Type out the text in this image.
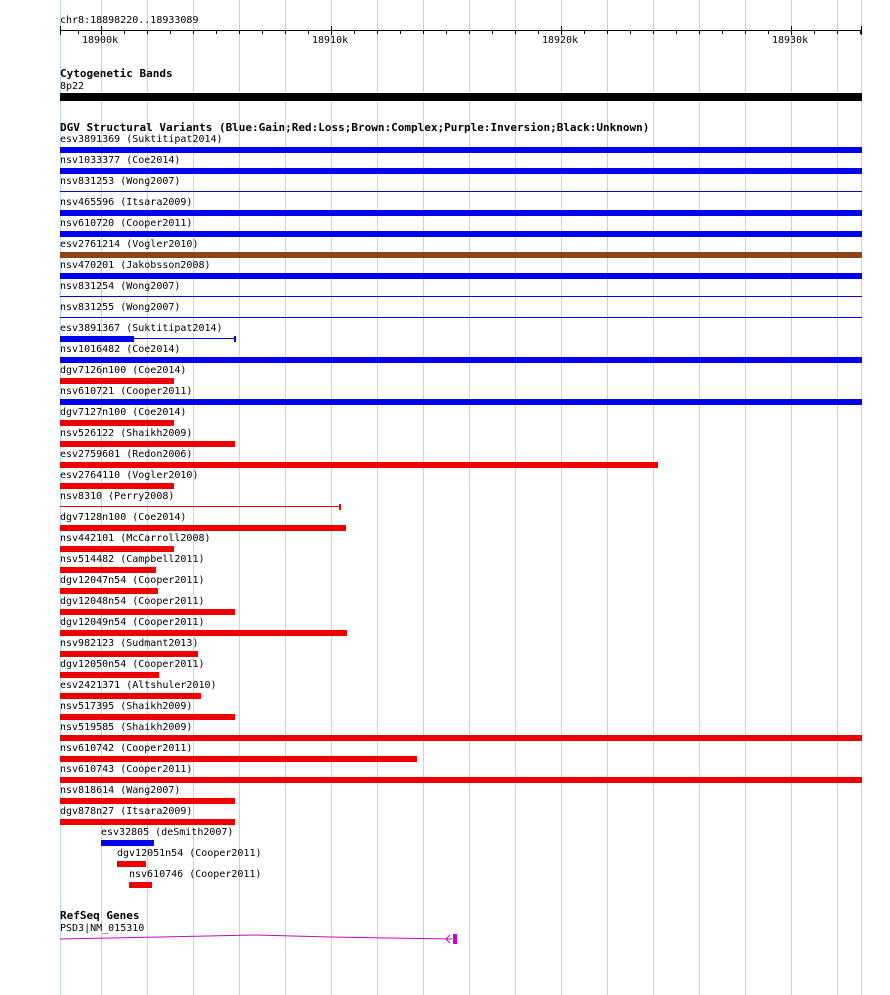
chr8:18898220..18933089
18900k	18910k	18920k	18930k
Cytogenetic Bands
8p22
DGV Structural Variants (Blue:Gain;Red:Loss;Brown:Complex;Purple:Inversion;Black:Unknown)
esv3891369 (Suktitipat2014)
nsv1033377 (Coe2014)
nsv831253 (Wong2007)
nsv465596 (Itsara2009)
nsv610720 (Cooper2011)
esv2761214 (Vogler2010)
nsv470201 (Jakobsson2008)
nsv831254 (Wong2007)
nsv831255 (Wong2007)
esv3891367 (Suktitipat2014)
nsv1016482 (Coe2014)
dgv7126n100 (Coe2014)
nsv610721 (Cooper2011)
dgv7127n100 (Coe2014)
nsv526122 (Shaikh2009)
esv2759601 (Redon2006)
esv2764110 (Vogler2010)
nsv8310 (Perry2008)
dgv7128n100 (Coe2014)
nsv442101 (McCarroll2008)
nsv514482 (Campbell2011)
dgv12047n54 (Cooper2011)
dgv12048n54 (Cooper2011)
dgv12049n54 (Cooper2011)
nsv982123 (Sudmant2013)
dgv12050n54 (Cooper2011)
esv2421371 (Altshuler2010)
nsv517395 (Shaikh2009)
nsv519585 (Shaikh2009)
nsv610742 (Cooper2011)
nsv610743 (Cooper2011)
nsv818614 (Wang2007)
dgv878n27 (Itsara2009)
esv32805 (deSmith2007)
dgv12051n54 (Cooper2011)
nsv610746 (Cooper2011)
RefSeq Genes
PSD3|NM_015310
